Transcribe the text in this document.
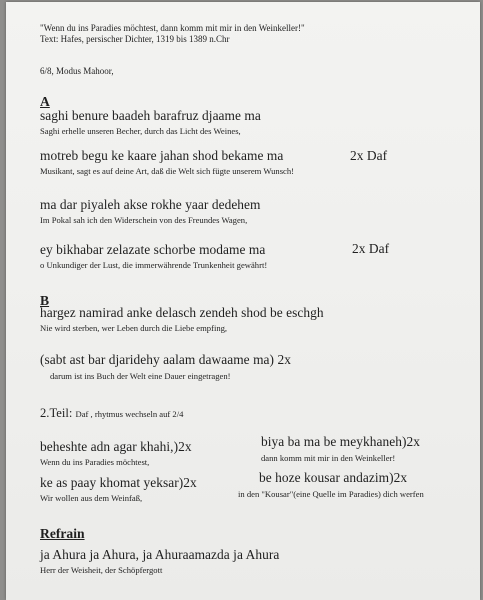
"Wenn du ins Paradies möchtest, dann komm mit mir in den Weinkeller!"
Text: Hafes, persischer Dichter, 1319 bis 1389 n.Chr
6/8, Modus Mahoor,
A
saghi benure baadeh barafruz djaame ma
Saghi erhelle unseren Becher, durch das Licht des Weines,
motreb begu ke kaare jahan shod bekame ma	2x Daf
Musikant, sagt es auf deine Art, daß die Welt sich fügte unserem Wunsch!
ma dar piyaleh akse rokhe yaar dedehem
Im Pokal sah ich den Widerschein von des Freundes Wagen,
ey bikhabar zelazate schorbe modame ma	2x Daf
o Unkundiger der Lust, die immerwährende Trunkenheit gewährt!
B
hargez namirad anke delasch zendeh shod be eschgh
Nie wird sterben, wer Leben durch die Liebe empfing,
(sabt ast bar djaridehy aalam dawaame ma) 2x
darum ist ins Buch der Welt eine Dauer eingetragen!
2.Teil: Daf , rhytmus wechseln auf 2/4
beheshte adn agar khahi,)2x	biya ba ma be meykhaneh)2x
Wenn du ins Paradies möchtest,	dann komm mit mir in den Weinkeller!
ke as paay khomat yeksar)2x	be hoze kousar andazim)2x
Wir wollen aus dem Weinfaß,	in den "Kousar"(eine Quelle im Paradies) dich werfen
Refrain
ja Ahura ja Ahura, ja Ahuraamazda ja Ahura
Herr der Weisheit, der Schöpfergott
